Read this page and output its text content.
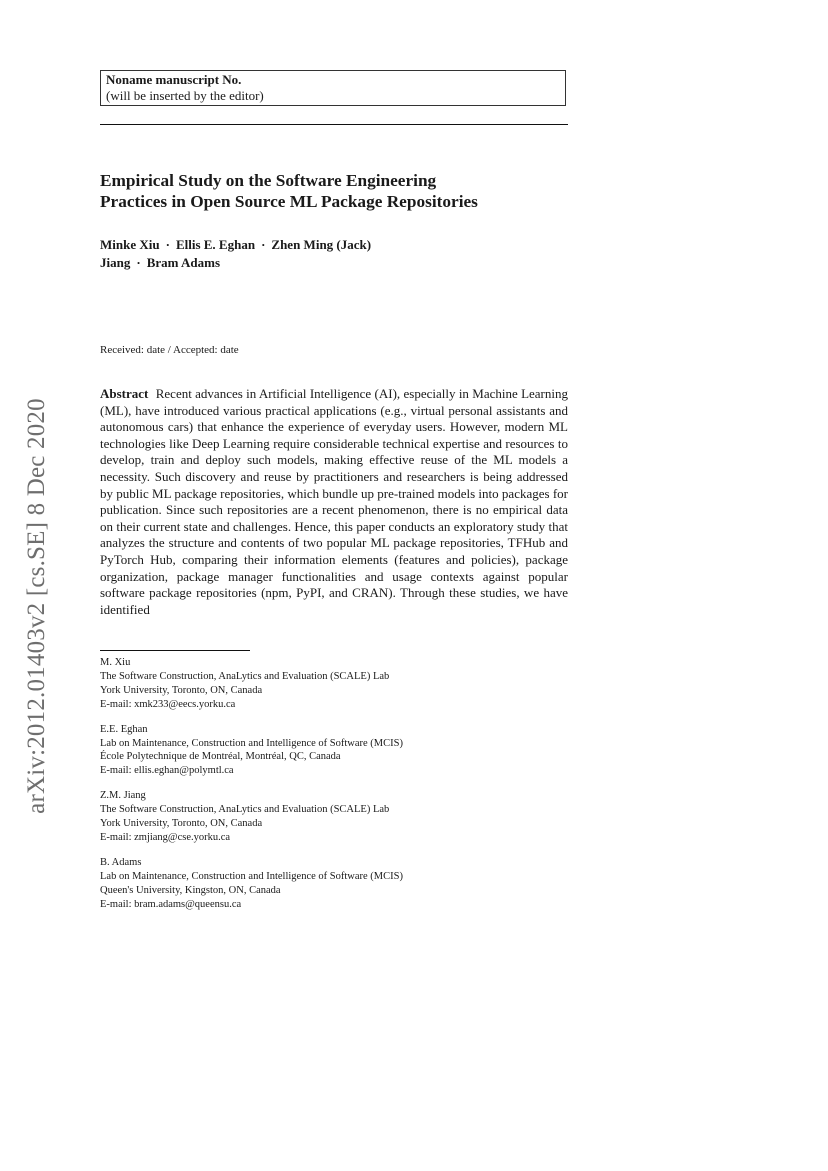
arXiv:2012.01403v2 [cs.SE] 8 Dec 2020
Noname manuscript No.
(will be inserted by the editor)
Empirical Study on the Software Engineering
Practices in Open Source ML Package Repositories
Minke Xiu · Ellis E. Eghan · Zhen Ming (Jack) Jiang · Bram Adams
Received: date / Accepted: date
Abstract Recent advances in Artificial Intelligence (AI), especially in Machine Learning (ML), have introduced various practical applications (e.g., virtual personal assistants and autonomous cars) that enhance the experience of everyday users. However, modern ML technologies like Deep Learning require considerable technical expertise and resources to develop, train and deploy such models, making effective reuse of the ML models a necessity. Such discovery and reuse by practitioners and researchers is being addressed by public ML package repositories, which bundle up pre-trained models into packages for publication. Since such repositories are a recent phenomenon, there is no empirical data on their current state and challenges. Hence, this paper conducts an exploratory study that analyzes the structure and contents of two popular ML package repositories, TFHub and PyTorch Hub, comparing their information elements (features and policies), package organization, package manager functionalities and usage contexts against popular software package repositories (npm, PyPI, and CRAN). Through these studies, we have identified
M. Xiu
The Software Construction, AnaLytics and Evaluation (SCALE) Lab
York University, Toronto, ON, Canada
E-mail: xmk233@eecs.yorku.ca
E.E. Eghan
Lab on Maintenance, Construction and Intelligence of Software (MCIS)
École Polytechnique de Montréal, Montréal, QC, Canada
E-mail: ellis.eghan@polymtl.ca
Z.M. Jiang
The Software Construction, AnaLytics and Evaluation (SCALE) Lab
York University, Toronto, ON, Canada
E-mail: zmjiang@cse.yorku.ca
B. Adams
Lab on Maintenance, Construction and Intelligence of Software (MCIS)
Queen's University, Kingston, ON, Canada
E-mail: bram.adams@queensu.ca
